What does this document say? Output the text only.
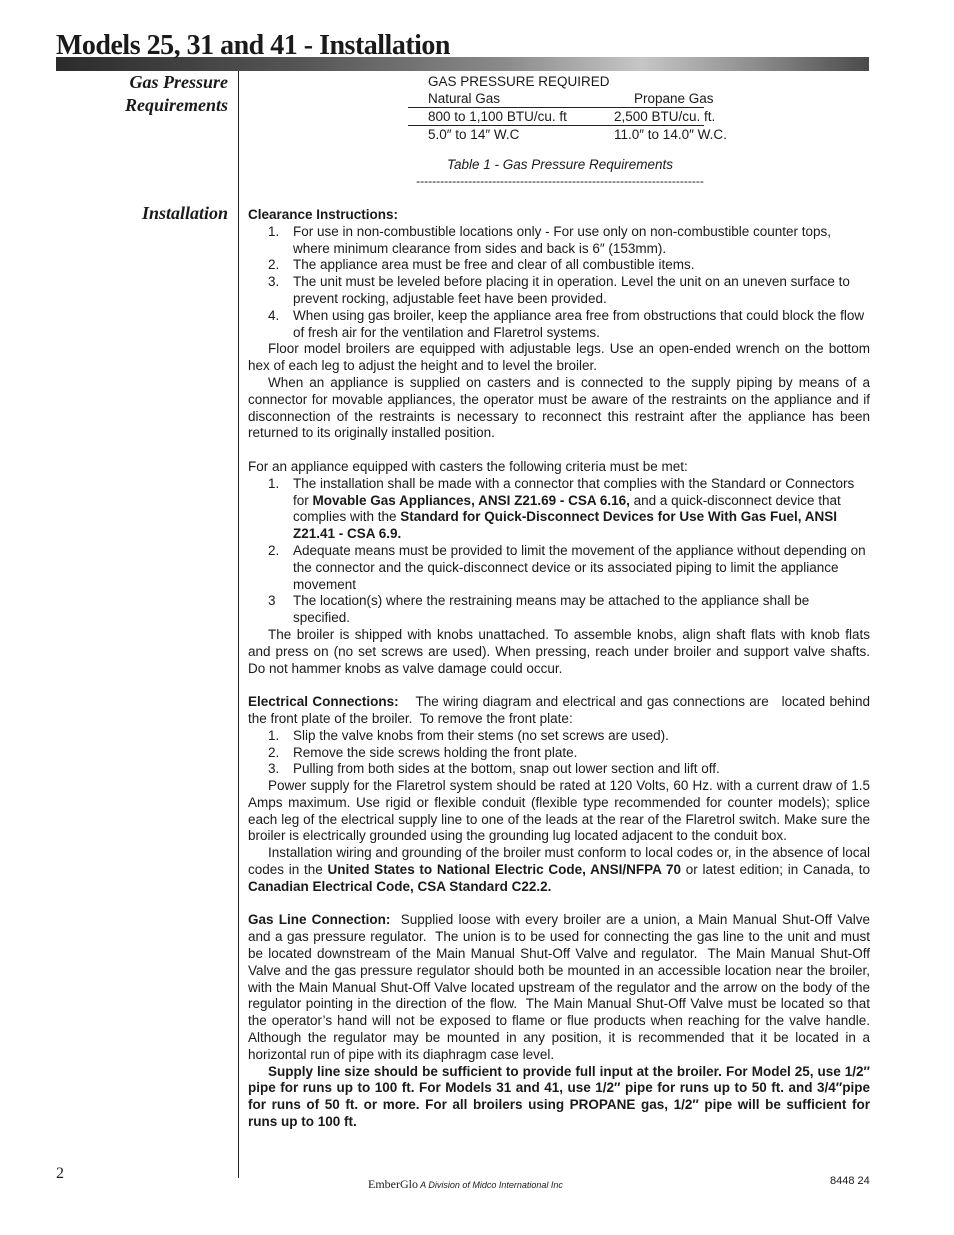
Models 25, 31 and 41 - Installation
Gas Pressure
Requirements
Installation
GAS PRESSURE REQUIRED
Natural Gas	Propane Gas
800 to 1,100 BTU/cu. ft	2,500 BTU/cu. ft.
5.0″ to 14″ W.C	11.0″ to 14.0″ W.C.
Table 1 - Gas Pressure Requirements
------------------------------------------------------------------------

Clearance Instructions:

1.	For use in non-combustible locations only - For use only on non-combustible counter tops, where minimum clearance from sides and back is 6″ (153mm).
2.	The appliance area must be free and clear of all combustible items.
3.	The unit must be leveled before placing it in operation. Level the unit on an uneven surface to prevent rocking, adjustable feet have been provided.
4.	When using gas broiler, keep the appliance area free from obstructions that could block the flow of fresh air for the ventilation and Flaretrol systems.

Floor model broilers are equipped with adjustable legs. Use an open-ended wrench on the bottom hex of each leg to adjust the height and to level the broiler.

When an appliance is supplied on casters and is connected to the supply piping by means of a connector for movable appliances, the operator must be aware of the restraints on the appliance and if disconnection of the restraints is necessary to reconnect this restraint after the appliance has been returned to its originally installed position.

For an appliance equipped with casters the following criteria must be met:

1.	The installation shall be made with a connector that complies with the Standard or Connectors for Movable Gas Appliances, ANSI Z21.69 - CSA 6.16, and a quick-disconnect device that complies with the Standard for Quick-Disconnect Devices for Use With Gas Fuel, ANSI Z21.41 - CSA 6.9.
2.	Adequate means must be provided to limit the movement of the appliance without depending on the connector and the quick-disconnect device or its associated piping to limit the appliance movement
3	The location(s) where the restraining means may be attached to the appliance shall be specified.

The broiler is shipped with knobs unattached. To assemble knobs, align shaft flats with knob flats and press on (no set screws are used). When pressing, reach under broiler and support valve shafts. Do not hammer knobs as valve damage could occur.

Electrical Connections:    The wiring diagram and electrical and gas connections are   located behind the front plate of the broiler.  To remove the front plate:

1.	Slip the valve knobs from their stems (no set screws are used).
2.	Remove the side screws holding the front plate.
3.	Pulling from both sides at the bottom, snap out lower section and lift off.

Power supply for the Flaretrol system should be rated at 120 Volts, 60 Hz. with a current draw of 1.5 Amps maximum. Use rigid or flexible conduit (flexible type recommended for counter models); splice each leg of the electrical supply line to one of the leads at the rear of the Flaretrol switch. Make sure the broiler is electrically grounded using the grounding lug located adjacent to the conduit box.

Installation wiring and grounding of the broiler must conform to local codes or, in the absence of local codes in the United States to National Electric Code, ANSI/NFPA 70 or latest edition; in Canada, to Canadian Electrical Code, CSA Standard C22.2.

Gas Line Connection:  Supplied loose with every broiler are a union, a Main Manual Shut-Off Valve and a gas pressure regulator.  The union is to be used for connecting the gas line to the unit and must be located downstream of the Main Manual Shut-Off Valve and regulator.  The Main Manual Shut-Off Valve and the gas pressure regulator should both be mounted in an accessible location near the broiler, with the Main Manual Shut-Off Valve located upstream of the regulator and the arrow on the body of the regulator pointing in the direction of the flow.  The Main Manual Shut-Off Valve must be located so that the operator’s hand will not be exposed to flame or flue products when reaching for the valve handle.  Although the regulator may be mounted in any position, it is recommended that it be located in a horizontal run of pipe with its diaphragm case level.

Supply line size should be sufficient to provide full input at the broiler. For Model 25, use 1/2″ pipe for runs up to 100 ft. For Models 31 and 41, use 1/2″ pipe for runs up to 50 ft. and 3/4″pipe for runs of 50 ft. or more. For all broilers using PROPANE gas, 1/2″ pipe will be sufficient for runs up to 100 ft.

2
EmberGlo A Division of Midco International Inc	8448 24
